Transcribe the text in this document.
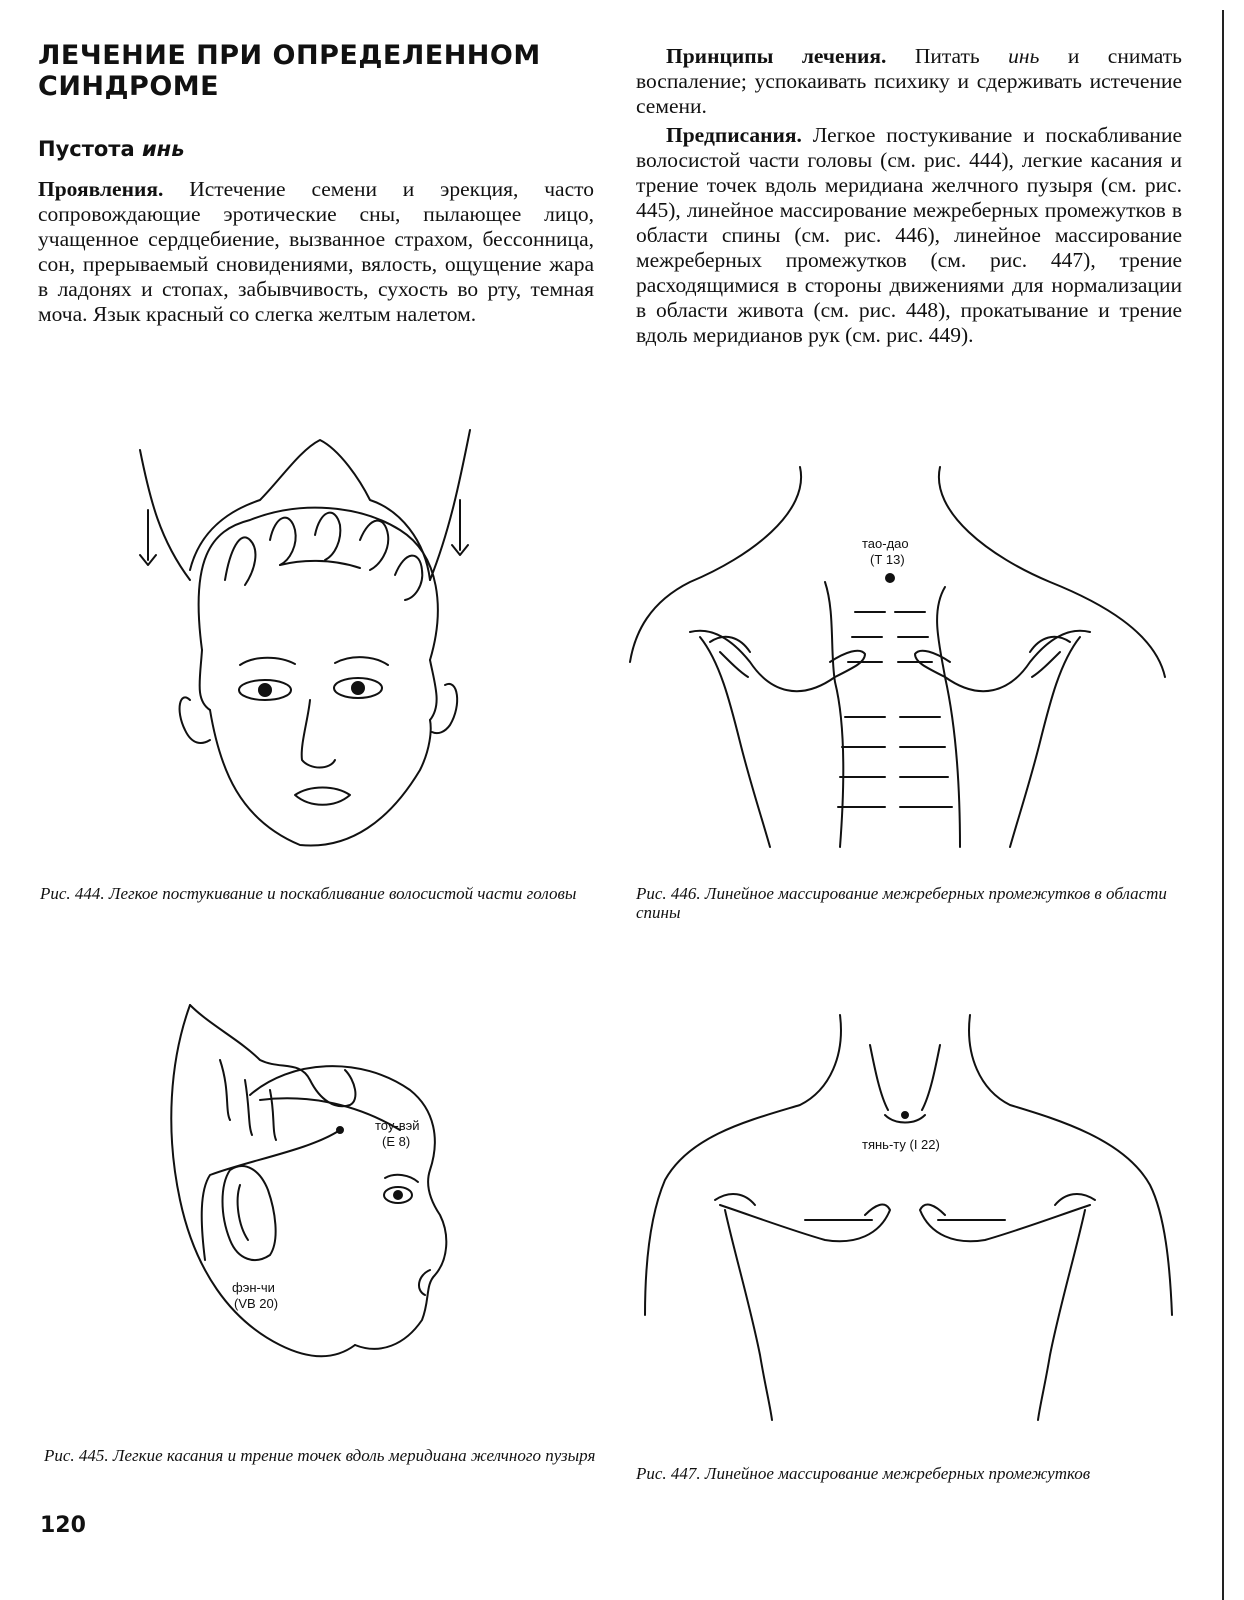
ЛЕЧЕНИЕ ПРИ ОПРЕДЕЛЕННОМ СИНДРОМЕ
Пустота инь

Проявления. Истечение семени и эрекция, часто сопровождающие эротические сны, пылающее лицо, учащенное сердцебиение, вызванное страхом, бессонница, сон, прерываемый сновидениями, вялость, ощущение жара в ладонях и стопах, забывчивость, сухость во рту, темная моча. Язык красный со слегка желтым налетом.

Принципы лечения. Питать инь и снимать воспаление; успокаивать психику и сдерживать истечение семени.

Предписания. Легкое постукивание и поскабливание волосистой части головы (см. рис. 444), легкие касания и трение точек вдоль меридиана желчного пузыря (см. рис. 445), линейное массирование межреберных промежутков в области спины (см. рис. 446), линейное массирование межреберных промежутков (см. рис. 447), трение расходящимися в стороны движениями для нормализации в области живота (см. рис. 448), прокатывание и трение вдоль меридианов рук (см. рис. 449).

Рис. 444. Легкое постукивание и поскабливание волосистой части головы

тао-дао
(Т 13)

Рис. 446. Линейное массирование межреберных промежутков в области спины

тоу-вэй
(Е 8)
фэн-чи
(VB 20)

Рис. 445. Легкие касания и трение точек вдоль меридиана желчного пузыря

тянь-ту (I 22)

Рис. 447. Линейное массирование межреберных промежутков

120
